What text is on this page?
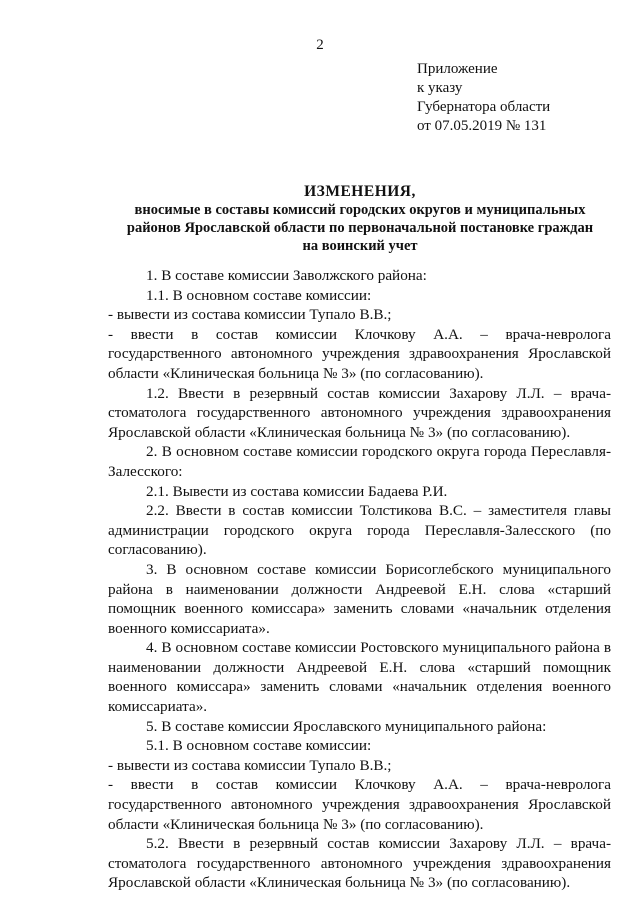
2
Приложение
к указу
Губернатора области
от 07.05.2019 № 131
ИЗМЕНЕНИЯ,
вносимые в составы комиссий городских округов и муниципальных
районов Ярославской области по первоначальной постановке граждан
на воинский учет

1. В составе комиссии Заволжского района:

1.1. В основном составе комиссии:

- вывести из состава комиссии Тупало В.В.;

- ввести в состав комиссии Клочкову А.А. – врача-невролога государственного автономного учреждения здравоохранения Ярославской области «Клиническая больница № 3» (по согласованию).

1.2. Ввести в резервный состав комиссии Захарову Л.Л. – врача-стоматолога государственного автономного учреждения здравоохранения Ярославской области «Клиническая больница № 3» (по согласованию).

2. В основном составе комиссии городского округа города Переславля-Залесского:

2.1. Вывести из состава комиссии Бадаева Р.И.

2.2. Ввести в состав комиссии Толстикова В.С. – заместителя главы администрации городского округа города Переславля-Залесского (по согласованию).

3. В основном составе комиссии Борисоглебского муниципального района в наименовании должности Андреевой Е.Н. слова «старший помощник военного комиссара» заменить словами «начальник отделения военного комиссариата».

4. В основном составе комиссии Ростовского муниципального района в наименовании должности Андреевой Е.Н. слова «старший помощник военного комиссара» заменить словами «начальник отделения военного комиссариата».

5. В составе комиссии Ярославского муниципального района:

5.1. В основном составе комиссии:

- вывести из состава комиссии Тупало В.В.;

- ввести в состав комиссии Клочкову А.А. – врача-невролога государственного автономного учреждения здравоохранения Ярославской области «Клиническая больница № 3» (по согласованию).

5.2. Ввести в резервный состав комиссии Захарову Л.Л. – врача-стоматолога государственного автономного учреждения здравоохранения Ярославской области «Клиническая больница № 3» (по согласованию).
